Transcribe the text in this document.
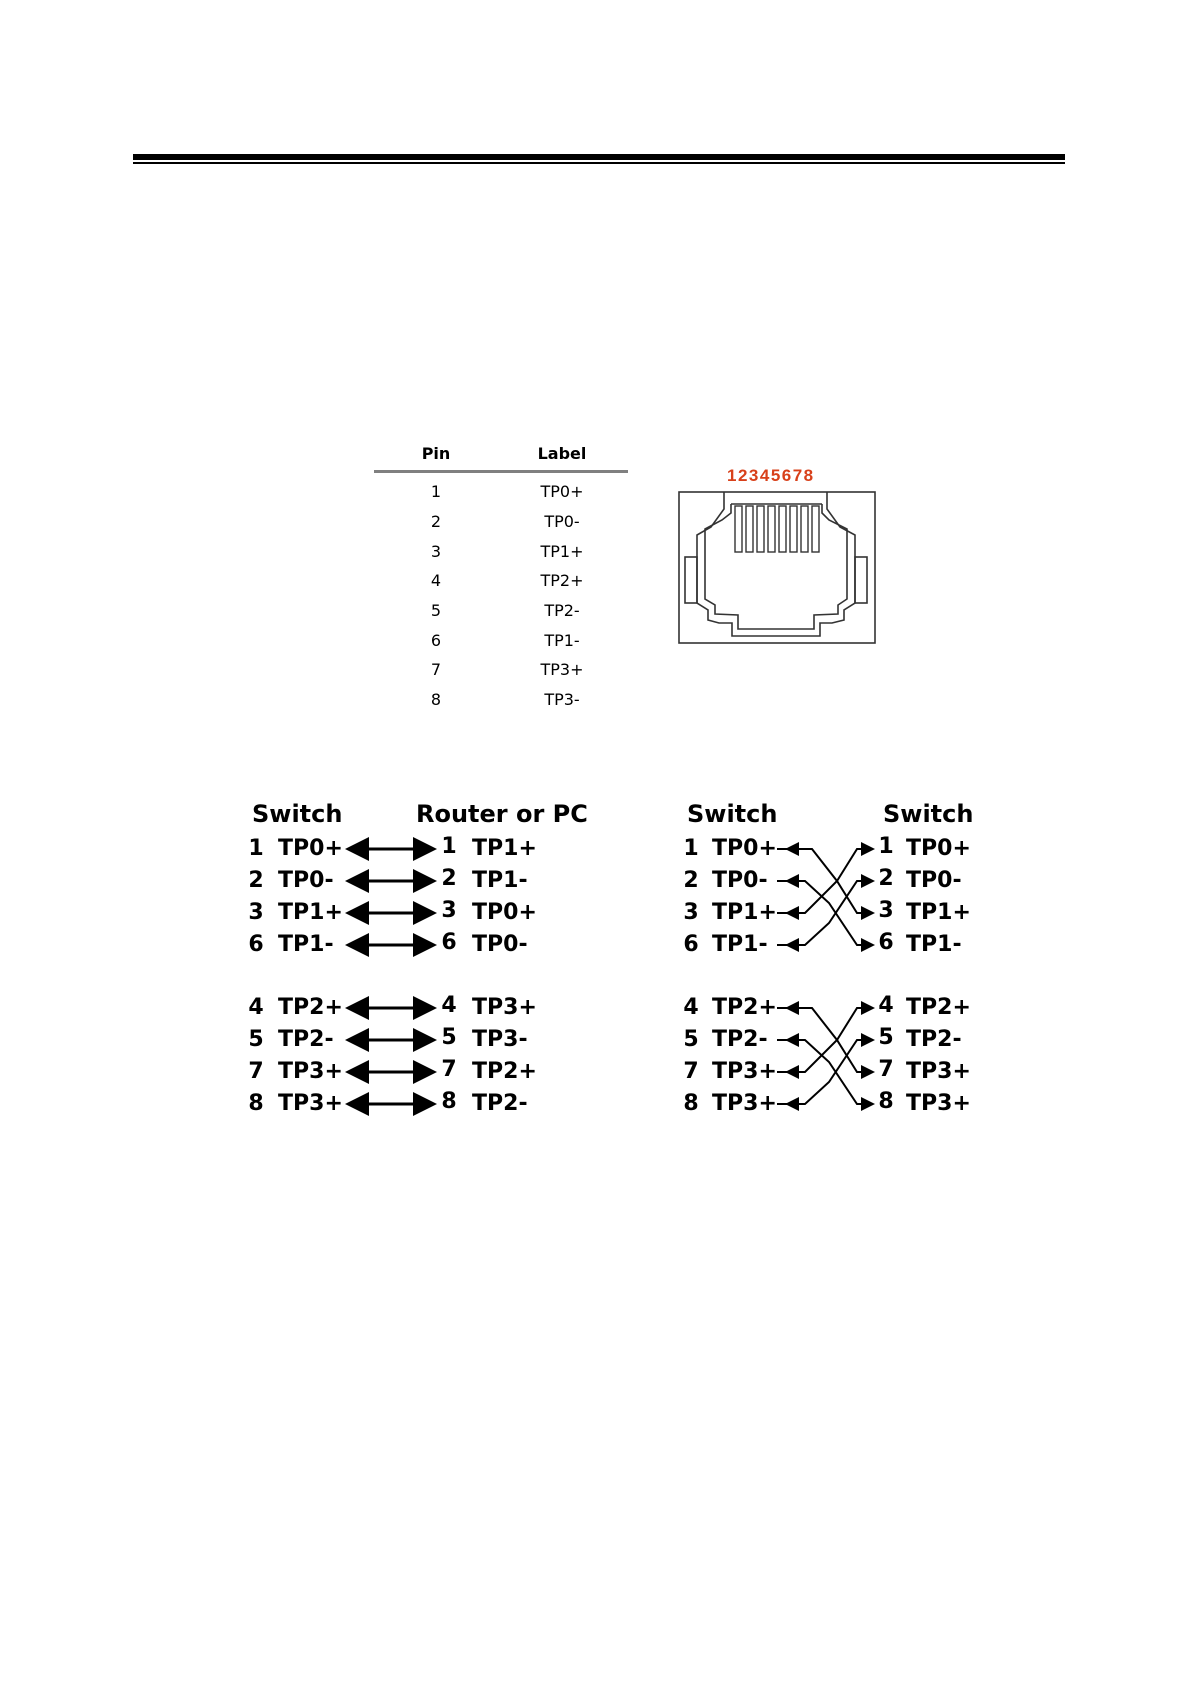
Pin	Label
1	TP0+
2	TP0-
3	TP1+
4	TP2+
5	TP2-
6	TP1-
7	TP3+
8	TP3-
12345678
Switch	Router or PC
1 TP0+	1 TP1+
2 TP0-	2 TP1-
3 TP1+	3 TP0+
6 TP1-	6 TP0-
4 TP2+	4 TP3+
5 TP2-	5 TP3-
7 TP3+	7 TP2+
8 TP3+	8 TP2-
Switch	Switch
1 TP0+	1 TP0+
2 TP0-	2 TP0-
3 TP1+	3 TP1+
6 TP1-	6 TP1-
4 TP2+	4 TP2+
5 TP2-	5 TP2-
7 TP3+	7 TP3+
8 TP3+	8 TP3+
